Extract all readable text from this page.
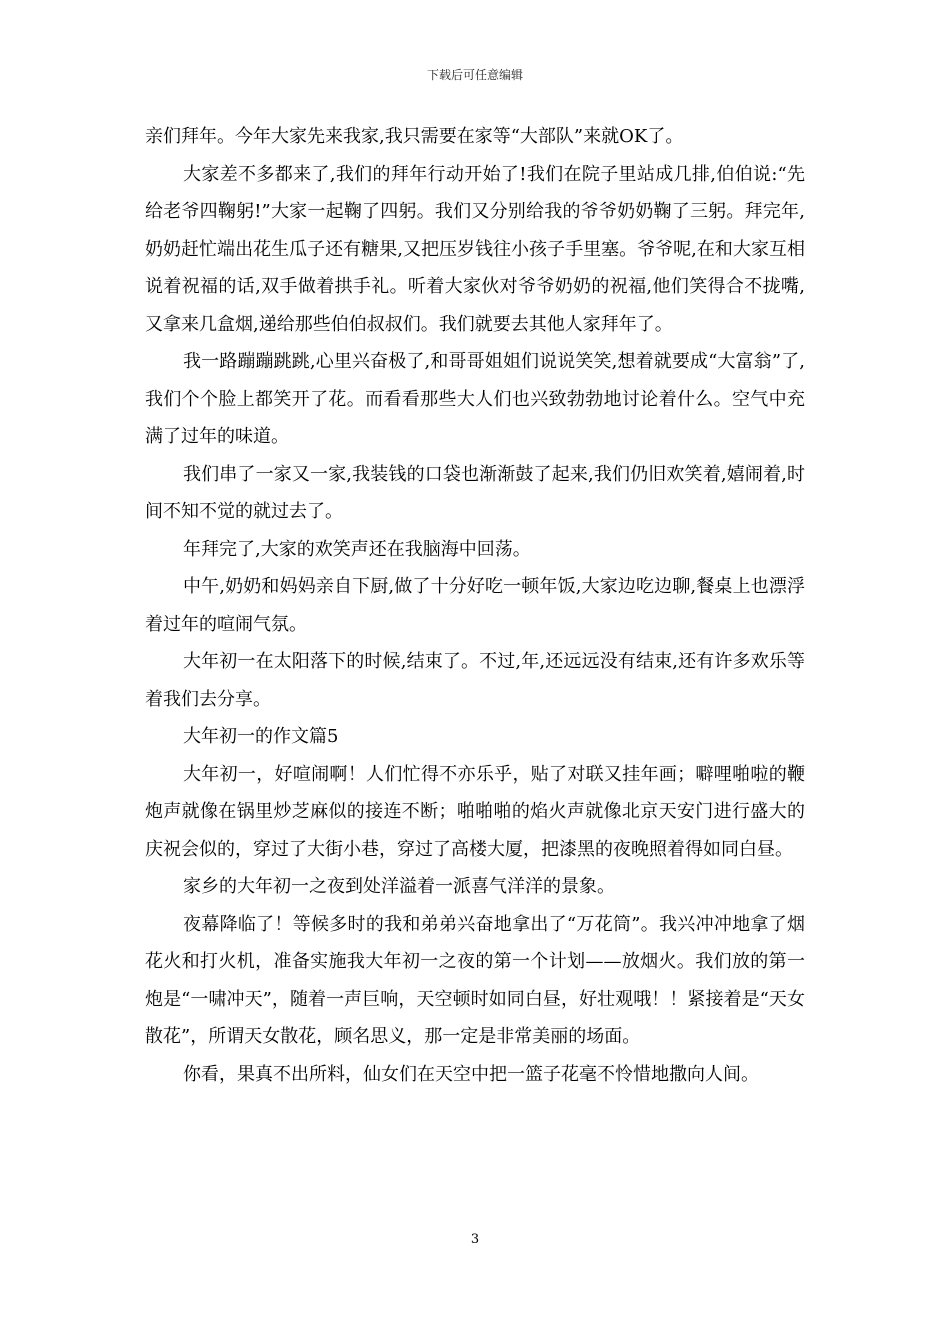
下载后可任意编辑

亲们拜年。今年大家先来我家,我只需要在家等“大部队”来就OK了。

大家差不多都来了,我们的拜年行动开始了!我们在院子里站成几排,伯伯说:“先给老爷四鞠躬!”大家一起鞠了四躬。我们又分别给我的爷爷奶奶鞠了三躬。拜完年,奶奶赶忙端出花生瓜子还有糖果,又把压岁钱往小孩子手里塞。爷爷呢,在和大家互相说着祝福的话,双手做着拱手礼。听着大家伙对爷爷奶奶的祝福,他们笑得合不拢嘴,又拿来几盒烟,递给那些伯伯叔叔们。我们就要去其他人家拜年了。

我一路蹦蹦跳跳,心里兴奋极了,和哥哥姐姐们说说笑笑,想着就要成“大富翁”了,我们个个脸上都笑开了花。而看看那些大人们也兴致勃勃地讨论着什么。空气中充满了过年的味道。

我们串了一家又一家,我装钱的口袋也渐渐鼓了起来,我们仍旧欢笑着,嬉闹着,时间不知不觉的就过去了。

年拜完了,大家的欢笑声还在我脑海中回荡。

中午,奶奶和妈妈亲自下厨,做了十分好吃一顿年饭,大家边吃边聊,餐桌上也漂浮着过年的喧闹气氛。

大年初一在太阳落下的时候,结束了。不过,年,还远远没有结束,还有许多欢乐等着我们去分享。

大年初一的作文篇5

大年初一，好喧闹啊！人们忙得不亦乐乎，贴了对联又挂年画；噼哩啪啦的鞭炮声就像在锅里炒芝麻似的接连不断；啪啪啪的焰火声就像北京天安门进行盛大的庆祝会似的，穿过了大街小巷，穿过了高楼大厦，把漆黑的夜晚照着得如同白昼。

家乡的大年初一之夜到处洋溢着一派喜气洋洋的景象。

夜幕降临了！等候多时的我和弟弟兴奋地拿出了“万花筒”。我兴冲冲地拿了烟花火和打火机，准备实施我大年初一之夜的第一个计划——放烟火。我们放的第一炮是“一啸冲天”，随着一声巨响，天空顿时如同白昼，好壮观哦！！紧接着是“天女散花”，所谓天女散花，顾名思义，那一定是非常美丽的场面。

你看，果真不出所料，仙女们在天空中把一篮子花毫不怜惜地撒向人间。

3
